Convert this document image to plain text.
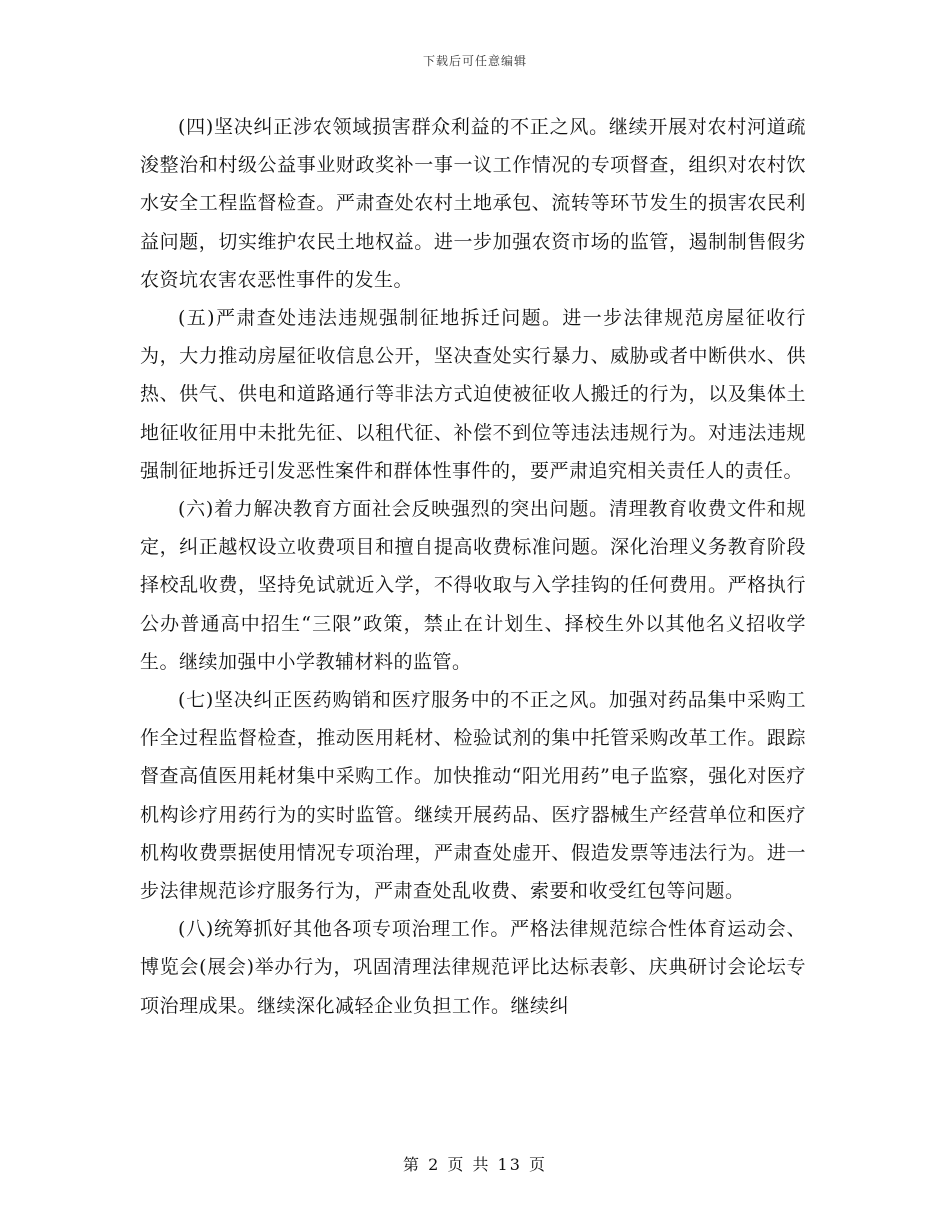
下载后可任意编辑

(四)坚决纠正涉农领域损害群众利益的不正之风。继续开展对农村河道疏浚整治和村级公益事业财政奖补一事一议工作情况的专项督查，组织对农村饮水安全工程监督检查。严肃查处农村土地承包、流转等环节发生的损害农民利益问题，切实维护农民土地权益。进一步加强农资市场的监管，遏制制售假劣农资坑农害农恶性事件的发生。

(五)严肃查处违法违规强制征地拆迁问题。进一步法律规范房屋征收行为，大力推动房屋征收信息公开，坚决查处实行暴力、威胁或者中断供水、供热、供气、供电和道路通行等非法方式迫使被征收人搬迁的行为，以及集体土地征收征用中未批先征、以租代征、补偿不到位等违法违规行为。对违法违规强制征地拆迁引发恶性案件和群体性事件的，要严肃追究相关责任人的责任。

(六)着力解决教育方面社会反映强烈的突出问题。清理教育收费文件和规定，纠正越权设立收费项目和擅自提高收费标准问题。深化治理义务教育阶段择校乱收费，坚持免试就近入学，不得收取与入学挂钩的任何费用。严格执行公办普通高中招生“三限”政策，禁止在计划生、择校生外以其他名义招收学生。继续加强中小学教辅材料的监管。

(七)坚决纠正医药购销和医疗服务中的不正之风。加强对药品集中采购工作全过程监督检查，推动医用耗材、检验试剂的集中托管采购改革工作。跟踪督查高值医用耗材集中采购工作。加快推动“阳光用药”电子监察，强化对医疗机构诊疗用药行为的实时监管。继续开展药品、医疗器械生产经营单位和医疗机构收费票据使用情况专项治理，严肃查处虚开、假造发票等违法行为。进一步法律规范诊疗服务行为，严肃查处乱收费、索要和收受红包等问题。

(八)统筹抓好其他各项专项治理工作。严格法律规范综合性体育运动会、博览会(展会)举办行为，巩固清理法律规范评比达标表彰、庆典研讨会论坛专项治理成果。继续深化减轻企业负担工作。继续纠

第 2 页 共 13 页
